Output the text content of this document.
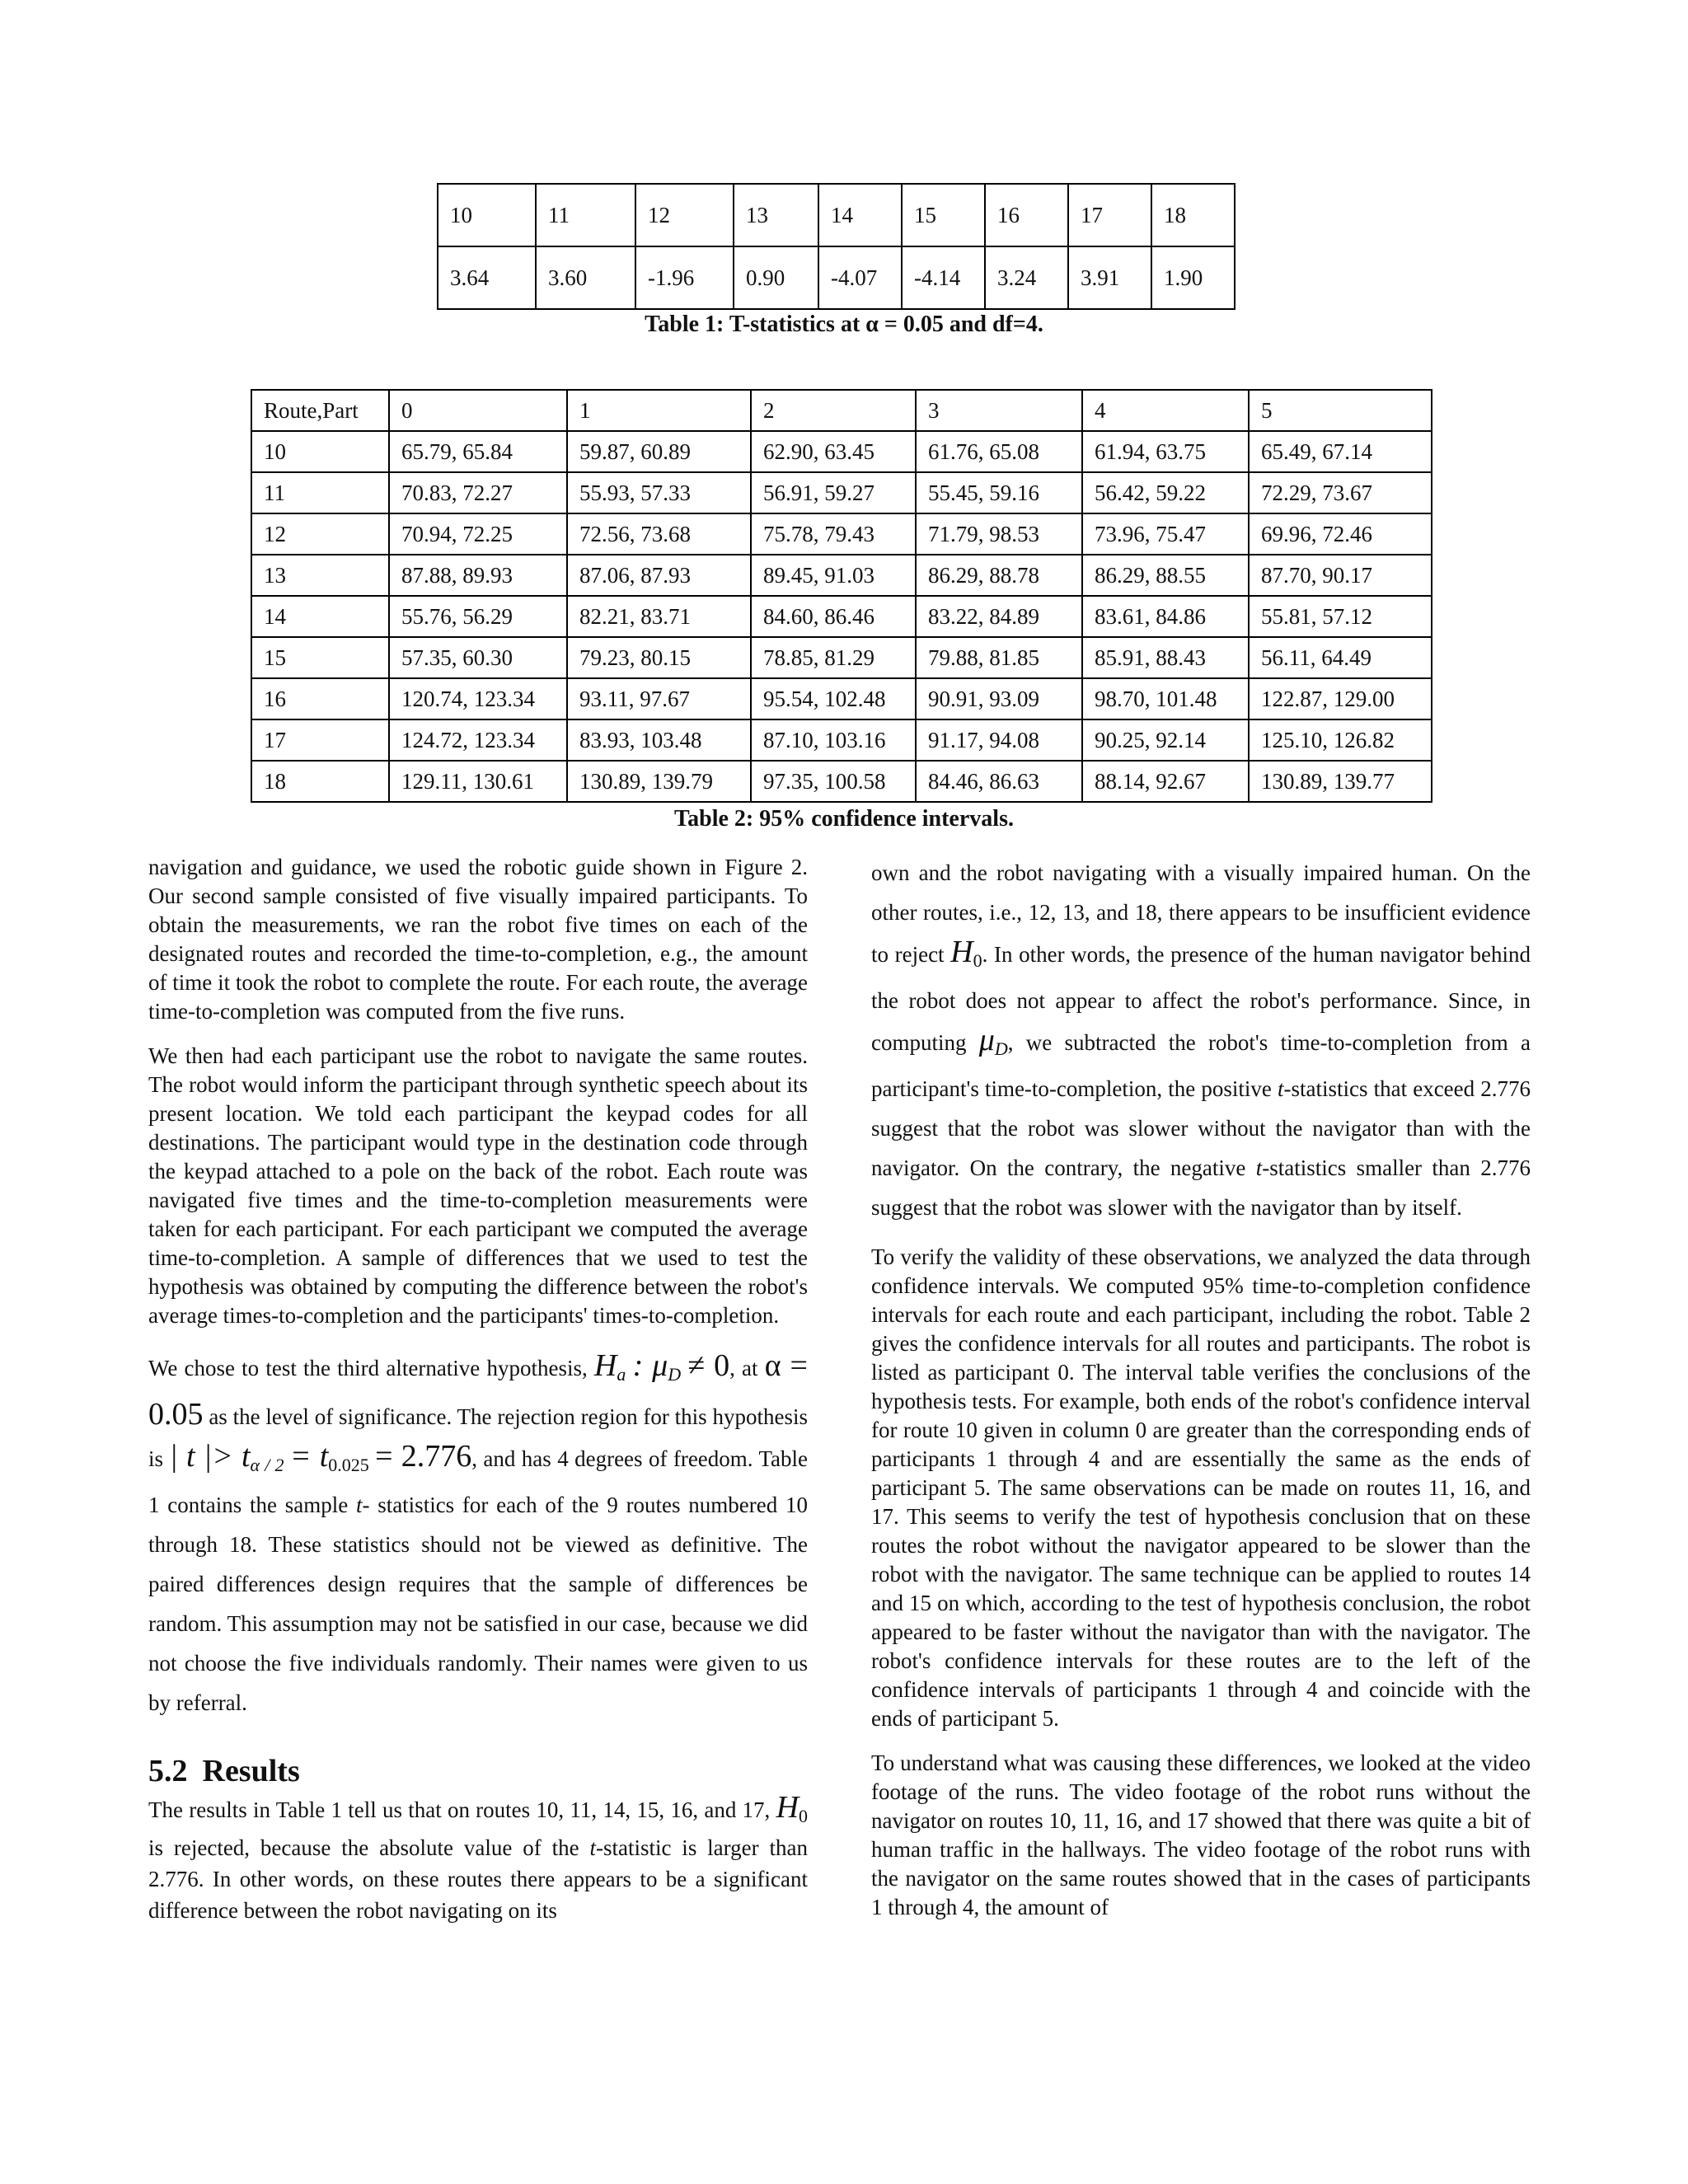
10	11	12	13	14	15	16	17	18
3.64	3.60	-1.96	0.90	-4.07	-4.14	3.24	3.91	1.90
Table 1: T-statistics at α = 0.05 and df=4.
Route,Part	0	1	2	3	4	5
10	65.79, 65.84	59.87, 60.89	62.90, 63.45	61.76, 65.08	61.94, 63.75	65.49, 67.14
11	70.83, 72.27	55.93, 57.33	56.91, 59.27	55.45, 59.16	56.42, 59.22	72.29, 73.67
12	70.94, 72.25	72.56, 73.68	75.78, 79.43	71.79, 98.53	73.96, 75.47	69.96, 72.46
13	87.88, 89.93	87.06, 87.93	89.45, 91.03	86.29, 88.78	86.29, 88.55	87.70, 90.17
14	55.76, 56.29	82.21, 83.71	84.60, 86.46	83.22, 84.89	83.61, 84.86	55.81, 57.12
15	57.35, 60.30	79.23, 80.15	78.85, 81.29	79.88, 81.85	85.91, 88.43	56.11, 64.49
16	120.74, 123.34	93.11, 97.67	95.54, 102.48	90.91, 93.09	98.70, 101.48	122.87, 129.00
17	124.72, 123.34	83.93, 103.48	87.10, 103.16	91.17, 94.08	90.25, 92.14	125.10, 126.82
18	129.11, 130.61	130.89, 139.79	97.35, 100.58	84.46, 86.63	88.14, 92.67	130.89, 139.77
Table 2: 95% confidence intervals.

navigation and guidance, we used the robotic guide shown in Figure 2. Our second sample consisted of five visually impaired participants. To obtain the measurements, we ran the robot five times on each of the designated routes and recorded the time-to-completion, e.g., the amount of time it took the robot to complete the route. For each route, the average time-to-completion was computed from the five runs.

We then had each participant use the robot to navigate the same routes. The robot would inform the participant through synthetic speech about its present location. We told each participant the keypad codes for all destinations. The participant would type in the destination code through the keypad attached to a pole on the back of the robot. Each route was navigated five times and the time-to-completion measurements were taken for each participant. For each participant we computed the average time-to-completion. A sample of differences that we used to test the hypothesis was obtained by computing the difference between the robot's average times-to-completion and the participants' times-to-completion.

We chose to test the third alternative hypothesis, $H_a$ : $\mu_D \ne 0$, at α = 0.05 as the level of significance. The rejection region for this hypothesis is | t |> $t_{\alpha / 2} = t_{0.025} = 2.776$, and has 4 degrees of freedom. Table 1 contains the sample t- statistics for each of the 9 routes numbered 10 through 18. These statistics should not be viewed as definitive. The paired differences design requires that the sample of differences be random. This assumption may not be satisfied in our case, because we did not choose the five individuals randomly. Their names were given to us by referral.

5.2 Results

The results in Table 1 tell us that on routes 10, 11, 14, 15, 16, and 17, $H_0$ is rejected, because the absolute value of the t-statistic is larger than 2.776. In other words, on these routes there appears to be a significant difference between the robot navigating on its

own and the robot navigating with a visually impaired human. On the other routes, i.e., 12, 13, and 18, there appears to be insufficient evidence to reject $H_0$. In other words, the presence of the human navigator behind the robot does not appear to affect the robot's performance. Since, in computing $\mu_D$, we subtracted the robot's time-to-completion from a participant's time-to-completion, the positive t-statistics that exceed 2.776 suggest that the robot was slower without the navigator than with the navigator. On the contrary, the negative t-statistics smaller than 2.776 suggest that the robot was slower with the navigator than by itself.

To verify the validity of these observations, we analyzed the data through confidence intervals. We computed 95% time-to-completion confidence intervals for each route and each participant, including the robot. Table 2 gives the confidence intervals for all routes and participants. The robot is listed as participant 0. The interval table verifies the conclusions of the hypothesis tests. For example, both ends of the robot's confidence interval for route 10 given in column 0 are greater than the corresponding ends of participants 1 through 4 and are essentially the same as the ends of participant 5. The same observations can be made on routes 11, 16, and 17. This seems to verify the test of hypothesis conclusion that on these routes the robot without the navigator appeared to be slower than the robot with the navigator. The same technique can be applied to routes 14 and 15 on which, according to the test of hypothesis conclusion, the robot appeared to be faster without the navigator than with the navigator. The robot's confidence intervals for these routes are to the left of the confidence intervals of participants 1 through 4 and coincide with the ends of participant 5.

To understand what was causing these differences, we looked at the video footage of the runs. The video footage of the robot runs without the navigator on routes 10, 11, 16, and 17 showed that there was quite a bit of human traffic in the hallways. The video footage of the robot runs with the navigator on the same routes showed that in the cases of participants 1 through 4, the amount of
